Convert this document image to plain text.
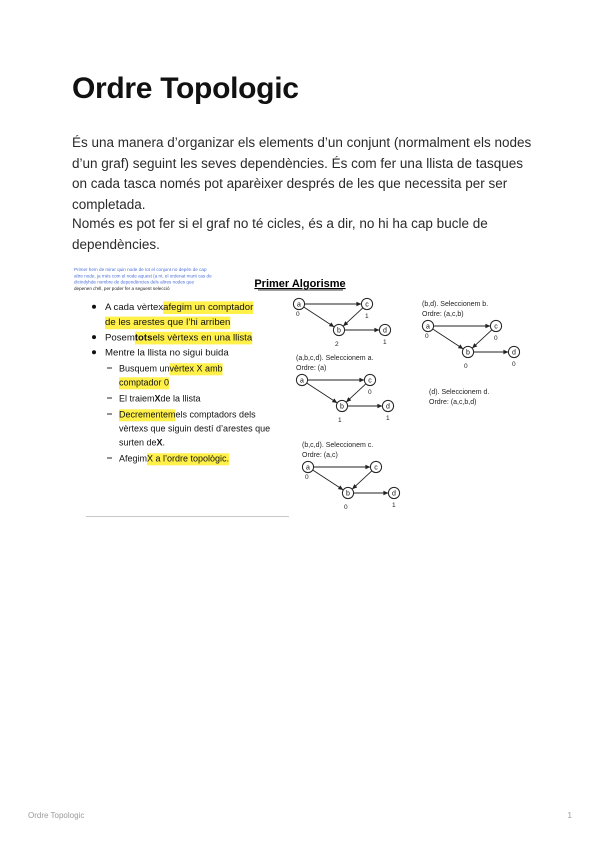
Ordre Topologic

És una manera d’organizar els elements d’un conjunt (normalment els nodes d’un graf) seguint les seves dependències. És com fer una llista de tasques on cada tasca només pot aparèixer després de les que necessita per ser completada.

Només es pot fer si el graf no té cicles, és a dir, no hi ha cap bucle de dependències.

Primer hem de mirar quin node de tot el conjunt no depèn de cap
altre node, ja més com el node aquest (a nt. el ordenat munt cas de
dicindyhde nombre de dependències dels altres nodes que
depenen d’ell, per poder fer a seguent selecció	Primer Algorisme
A cada vèrtex afegim un comptador
de les arestes que l’hi arriben
Posem tots els vèrtexs en una llista
Mentre la llista no sigui buida
Busquem un vèrtex X amb
comptador 0
El traiem X de la llista
Decrementem els comptadors dels
vèrtexs que siguin destí d’arestes que
surten de X .
Afegim X a l’ordre topològic.
a
0
c
1
b
2
d
1
(a,b,c,d). Seleccionem a.
Ordre: (a)
a	c
0
b
1
d
1
(b,c,d). Seleccionem c.
Ordre: (a,c)
a
0
c
b
0
d
1
(b,d). Seleccionem b.
Ordre: (a,c,b)
a
0
c
0
b
0
d
0
(d). Seleccionem d.
Ordre: (a,c,b,d)
Ordre Topologic	1
